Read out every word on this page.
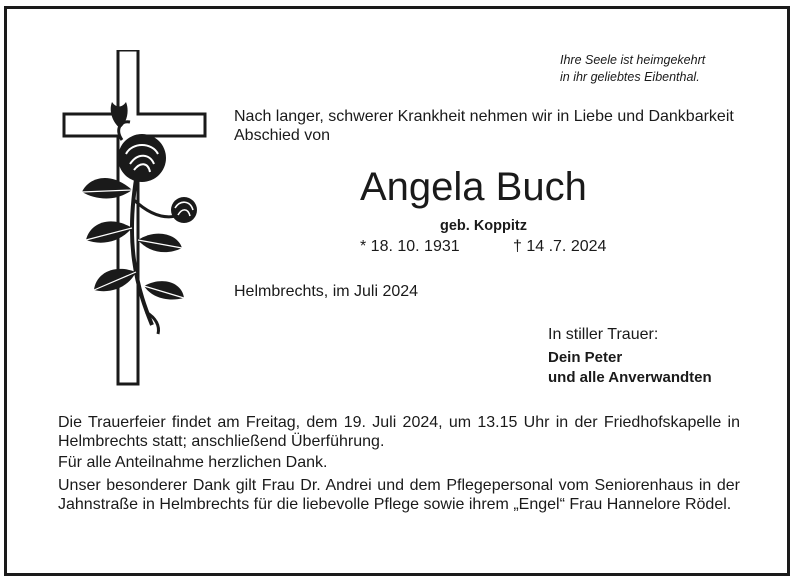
Ihre Seele ist heimgekehrt
in ihr geliebtes Eibenthal.

Nach langer, schwerer Krankheit nehmen wir in Liebe und Dankbarkeit Abschied von

Angela Buch
geb. Koppitz
* 18. 10. 1931	† 14 .7. 2024
Helmbrechts, im Juli 2024
In stiller Trauer:
Dein Peter
und alle Anverwandten

Die Trauerfeier findet am Freitag, dem 19. Juli 2024, um 13.15 Uhr in der Friedhofskapelle in Helmbrechts statt; anschließend Überführung.

Für alle Anteilnahme herzlichen Dank.

Unser besonderer Dank gilt Frau Dr. Andrei und dem Pflegepersonal vom Seniorenhaus in der Jahnstraße in Helmbrechts für die liebevolle Pflege sowie ihrem „Engel“ Frau Hannelore Rödel.
